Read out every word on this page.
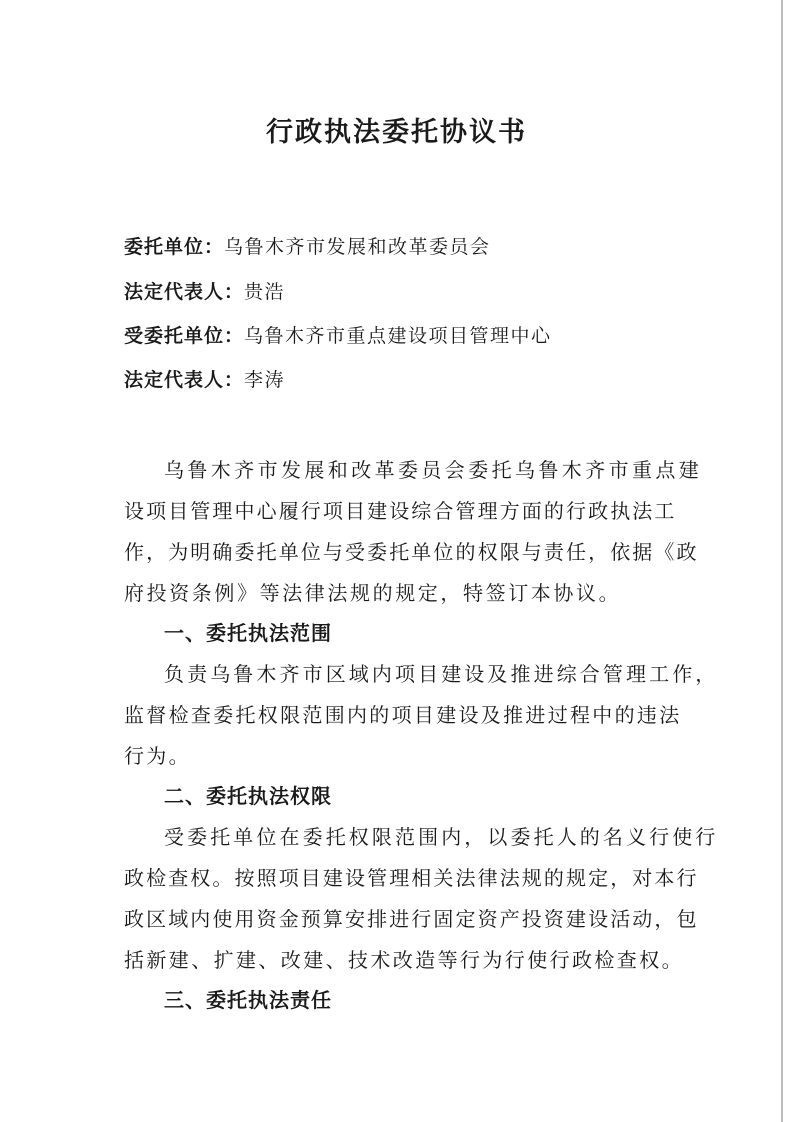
行政执法委托协议书
委托单位：乌鲁木齐市发展和改革委员会
法定代表人：贵浩
受委托单位：乌鲁木齐市重点建设项目管理中心
法定代表人：李涛
乌鲁木齐市发展和改革委员会委托乌鲁木齐市重点建
设项目管理中心履行项目建设综合管理方面的行政执法工
作，为明确委托单位与受委托单位的权限与责任，依据《政
府投资条例》等法律法规的规定，特签订本协议。
一、委托执法范围
负责乌鲁木齐市区域内项目建设及推进综合管理工作，
监督检查委托权限范围内的项目建设及推进过程中的违法
行为。
二、委托执法权限
受委托单位在委托权限范围内，以委托人的名义行使行
政检查权。按照项目建设管理相关法律法规的规定，对本行
政区域内使用资金预算安排进行固定资产投资建设活动，包
括新建、扩建、改建、技术改造等行为行使行政检查权。
三、委托执法责任
